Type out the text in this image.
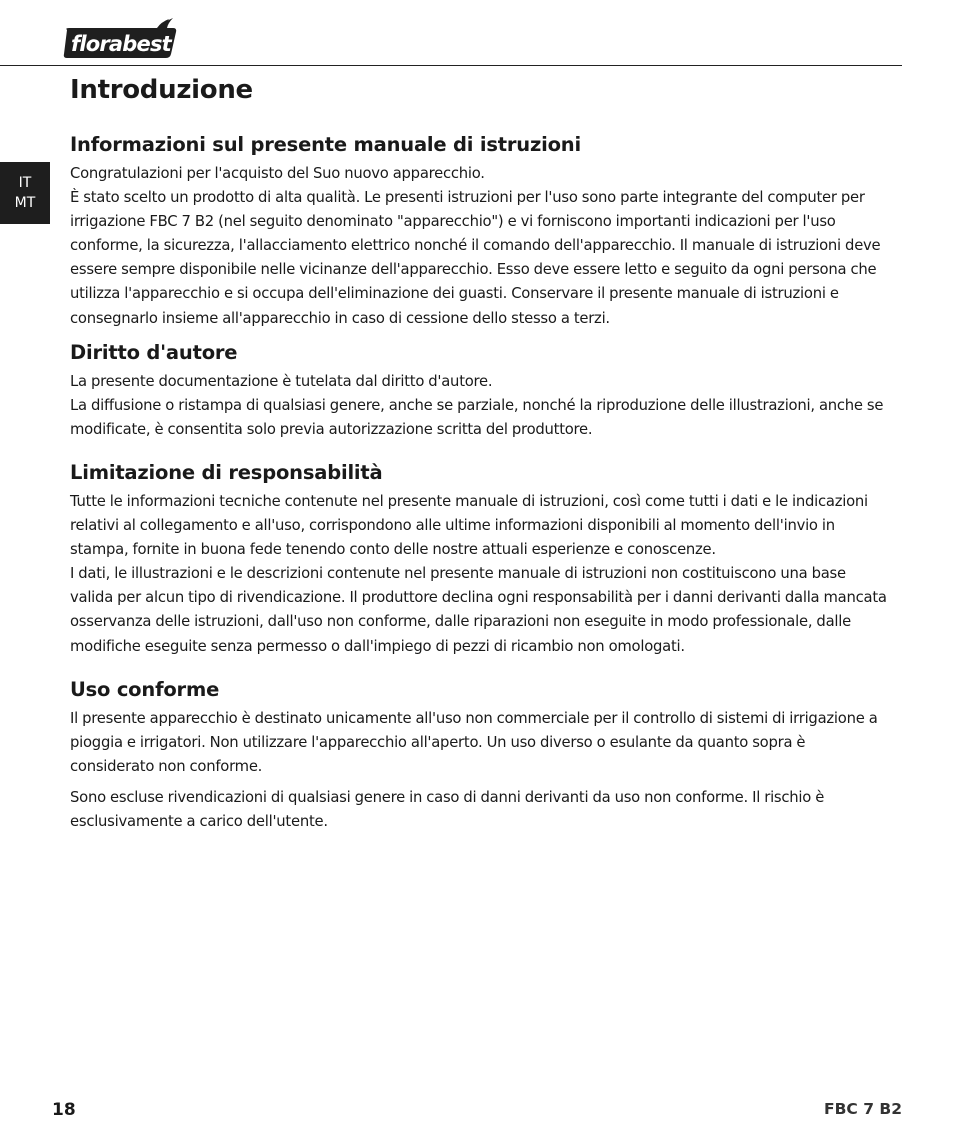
florabest
IT
MT
Introduzione
Informazioni sul presente manuale di istruzioni

Congratulazioni per l'acquisto del Suo nuovo apparecchio.

È stato scelto un prodotto di alta qualità. Le presenti istruzioni per l'uso sono parte integrante del computer per irrigazione FBC 7 B2 (nel seguito denominato "apparecchio") e vi forniscono importanti indicazioni per l'uso conforme, la sicurezza, l'allacciamento elettrico nonché il comando dell'apparecchio. Il manuale di istruzioni deve essere sempre disponibile nelle vicinanze dell'apparecchio. Esso deve essere letto e seguito da ogni persona che utilizza l'apparecchio e si occupa dell'eliminazione dei guasti. Conservare il presente manuale di istruzioni e consegnarlo insieme all'apparecchio in caso di cessione dello stesso a terzi.

Diritto d'autore

La presente documentazione è tutelata dal diritto d'autore.

La diffusione o ristampa di qualsiasi genere, anche se parziale, nonché la riproduzione delle illustrazioni, anche se modificate, è consentita solo previa autorizzazione scritta del produttore.

Limitazione di responsabilità

Tutte le informazioni tecniche contenute nel presente manuale di istruzioni, così come tutti i dati e le indicazioni relativi al collegamento e all'uso, corrispondono alle ultime informazioni disponibili al momento dell'invio in stampa, fornite in buona fede tenendo conto delle nostre attuali esperienze e conoscenze.

I dati, le illustrazioni e le descrizioni contenute nel presente manuale di istruzioni non costituiscono una base valida per alcun tipo di rivendicazione. Il produttore declina ogni responsabilità per i danni derivanti dalla mancata osservanza delle istruzioni, dall'uso non conforme, dalle riparazioni non eseguite in modo professionale, dalle modifiche eseguite senza permesso o dall'impiego di pezzi di ricambio non omologati.

Uso conforme

Il presente apparecchio è destinato unicamente all'uso non commerciale per il controllo di sistemi di irrigazione a pioggia e irrigatori. Non utilizzare l'apparecchio all'aperto. Un uso diverso o esulante da quanto sopra è considerato non conforme.

Sono escluse rivendicazioni di qualsiasi genere in caso di danni derivanti da uso non conforme. Il rischio è esclusivamente a carico dell'utente.

18	FBC 7 B2
